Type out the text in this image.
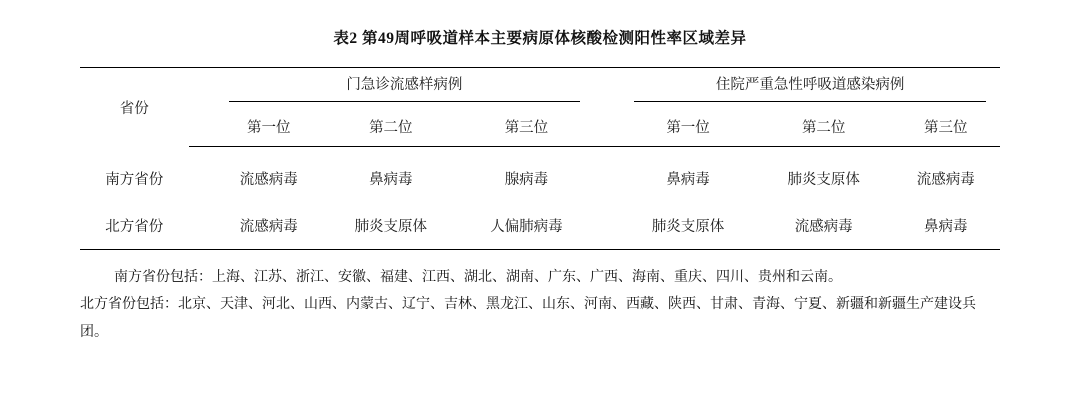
表2 第49周呼吸道样本主要病原体核酸检测阳性率区域差异
省份		门急诊流感样病例				住院严重急性呼吸道感染病例		

		第一位	第二位	第三位		第一位	第二位	第三位
南方省份		流感病毒	鼻病毒	腺病毒		鼻病毒	肺炎支原体	流感病毒
北方省份		流感病毒	肺炎支原体	人偏肺病毒		肺炎支原体	流感病毒	鼻病毒
南方省份包括：上海、江苏、浙江、安徽、福建、江西、湖北、湖南、广东、广西、海南、重庆、四川、贵州和云南。
北方省份包括：北京、天津、河北、山西、内蒙古、辽宁、吉林、黑龙江、山东、河南、西藏、陕西、甘肃、青海、宁夏、新疆和新疆生产建设兵团。
